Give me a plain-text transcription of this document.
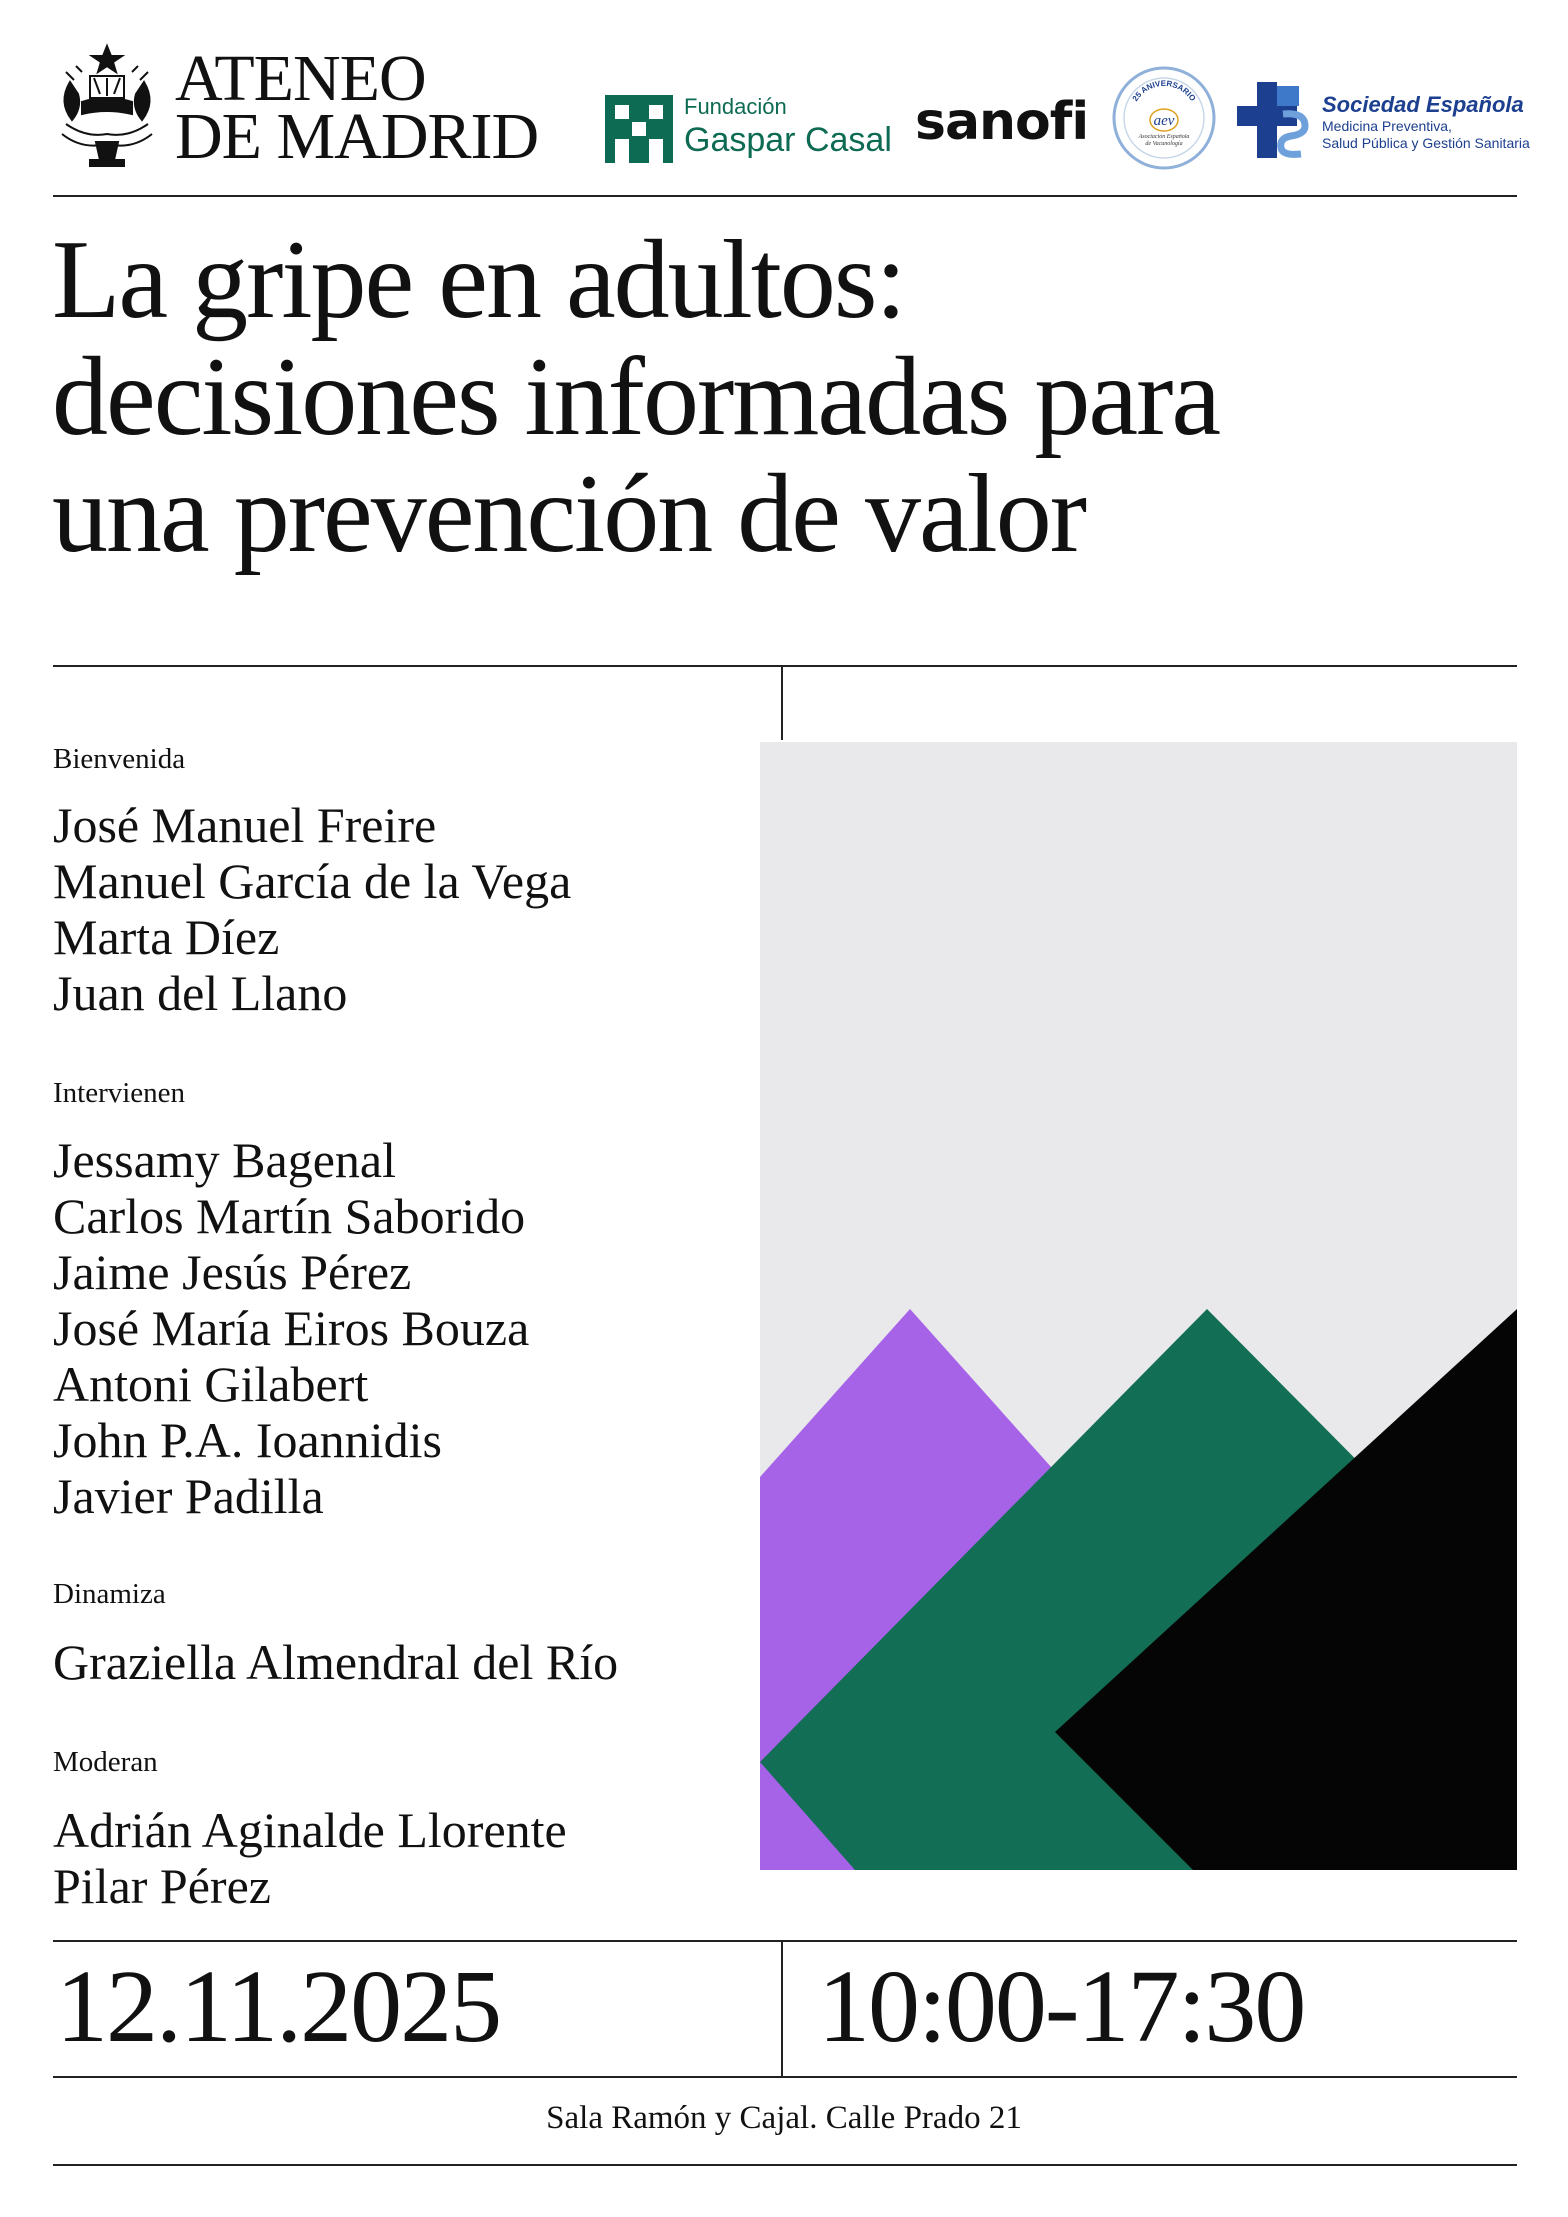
ATENEO
DE MADRID	Fundación
Gaspar Casal sanofi	25 ANIVERSARIO
aev
Asociación Española de Vacunología
Sociedad Española
Medicina Preventiva,
Salud Pública y Gestión Sanitaria
La gripe en adultos:
decisiones informadas para
una prevención de valor
Bienvenida
José Manuel Freire
Manuel García de la Vega
Marta Díez
Juan del Llano
Intervienen
Jessamy Bagenal
Carlos Martín Saborido
Jaime Jesús Pérez
José María Eiros Bouza
Antoni Gilabert
John P.A. Ioannidis
Javier Padilla
Dinamiza
Graziella Almendral del Río
Moderan
Adrián Aginalde Llorente
Pilar Pérez
12.11.2025	10:00-17:30
Sala Ramón y Cajal. Calle Prado 21
